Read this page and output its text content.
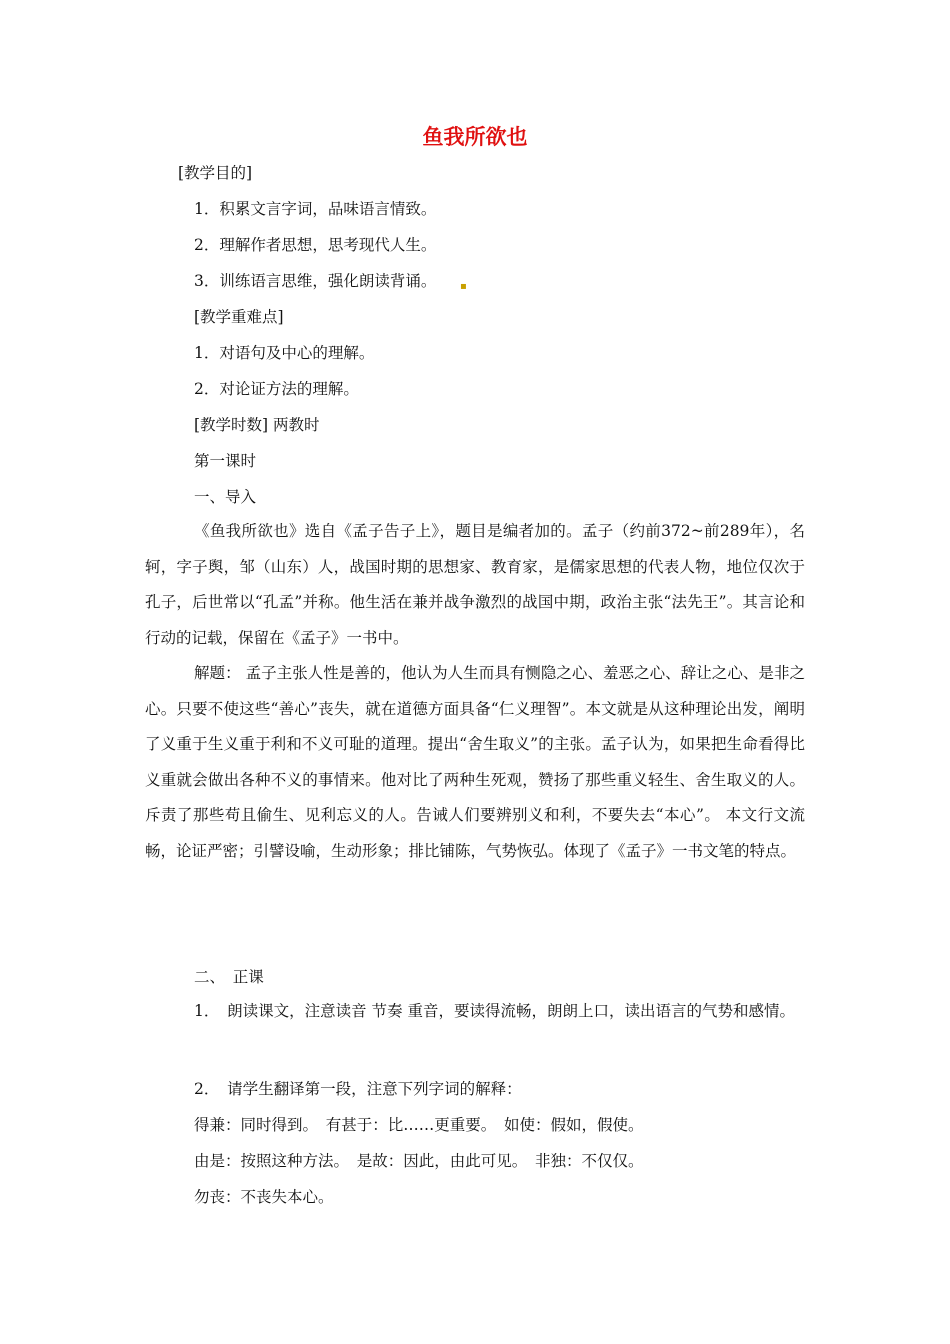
鱼我所欲也
[教学目的]
1．积累文言字词，品味语言情致。
2．理解作者思想，思考现代人生。
3．训练语言思维，强化朗读背诵。 ▪
[教学重难点]
1．对语句及中心的理解。
2．对论证方法的理解。
[教学时数] 两教时
第一课时
一、导入
《鱼我所欲也》选自《孟子告子上》，题目是编者加的。孟子（约前372~前289年），名轲，字子舆，邹（山东）人，战国时期的思想家、教育家，是儒家思想的代表人物，地位仅次于孔子，后世常以“孔孟”并称。他生活在兼并战争激烈的战国中期，政治主张“法先王”。其言论和行动的记载，保留在《孟子》一书中。
解题： 孟子主张人性是善的，他认为人生而具有恻隐之心、羞恶之心、辞让之心、是非之心。只要不使这些“善心”丧失，就在道德方面具备“仁义理智”。本文就是从这种理论出发，阐明了义重于生义重于利和不义可耻的道理。提出“舍生取义”的主张。孟子认为，如果把生命看得比义重就会做出各种不义的事情来。他对比了两种生死观，赞扬了那些重义轻生、舍生取义的人。斥责了那些苟且偷生、见利忘义的人。告诫人们要辨别义和利，不要失去“本心”。 本文行文流畅，论证严密；引譬设喻，生动形象；排比铺陈，气势恢弘。体现了《孟子》一书文笔的特点。
二、　正课
1．　朗读课文，注意读音 节奏 重音，要读得流畅，朗朗上口，读出语言的气势和感情。
2．　请学生翻译第一段，注意下列字词的解释：
得兼：同时得到。　有甚于：比……更重要。　如使：假如，假使。
由是：按照这种方法。　是故：因此，由此可见。　非独：不仅仅。
勿丧：不丧失本心。
